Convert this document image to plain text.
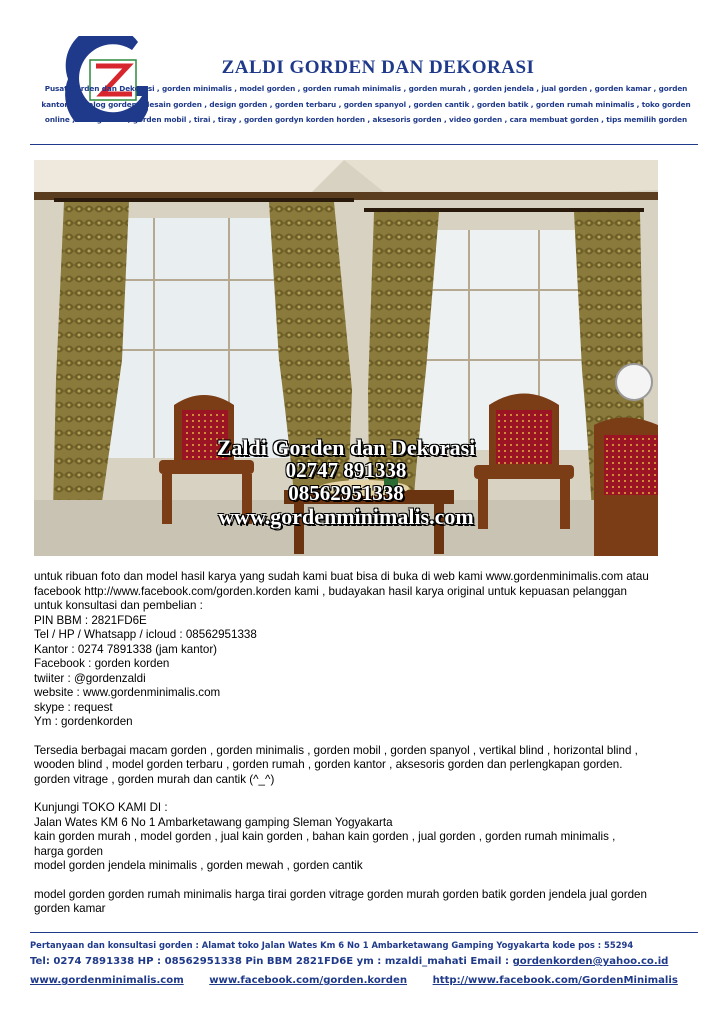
ZALDI GORDEN DAN DEKORASI
Pusat Gorden dan Dekorasi , gorden minimalis , model gorden , gorden rumah minimalis , gorden murah , gorden jendela , jual gorden , gorden kamar , gorden
kantor , katalog gorden , desain gorden , design gorden , gorden terbaru , gorden spanyol , gorden cantik , gorden batik , gorden rumah minimalis , toko gorden
online , kain gorden , gorden mobil , tirai , tiray , gorden gordyn korden horden , aksesoris gorden , video gorden , cara membuat gorden , tips memilih gorden
Zaldi Gorden dan Dekorasi
02747 891338
08562951338
www.gordenminimalis.com
untuk ribuan foto dan model hasil karya yang sudah kami buat bisa di buka di web kami www.gordenminimalis.com atau
facebook http://www.facebook.com/gorden.korden kami , budayakan hasil karya original untuk kepuasan pelanggan
untuk konsultasi dan pembelian :
PIN BBM : 2821FD6E
Tel / HP / Whatsapp / icloud : 08562951338
Kantor : 0274 7891338 (jam kantor)
Facebook : gorden korden
twiiter : @gordenzaldi
website : www.gordenminimalis.com
skype : request
Ym : gordenkorden
Tersedia berbagai macam gorden , gorden minimalis , gorden mobil , gorden spanyol , vertikal blind , horizontal blind ,
wooden blind , model gorden terbaru , gorden rumah , gorden kantor , aksesoris gorden dan perlengkapan gorden.
gorden vitrage , gorden murah dan cantik (^_^)
Kunjungi TOKO KAMI DI :
Jalan Wates KM 6 No 1 Ambarketawang gamping Sleman Yogyakarta
kain gorden murah , model gorden , jual kain gorden , bahan kain gorden , jual gorden , gorden rumah minimalis ,
harga gorden
model gorden jendela minimalis , gorden mewah , gorden cantik
model gorden gorden rumah minimalis harga tirai gorden vitrage gorden murah gorden batik gorden jendela jual gorden
gorden kamar
Pertanyaan dan konsultasi gorden : Alamat toko Jalan Wates Km 6 No 1 Ambarketawang Gamping Yogyakarta kode pos : 55294
Tel: 0274 7891338 HP : 08562951338 Pin BBM 2821FD6E ym : mzaldi_mahati Email : gordenkorden@yahoo.co.id
www.gordenminimalis.com	www.facebook.com/gorden.korden	http://www.facebook.com/GordenMinimalis
